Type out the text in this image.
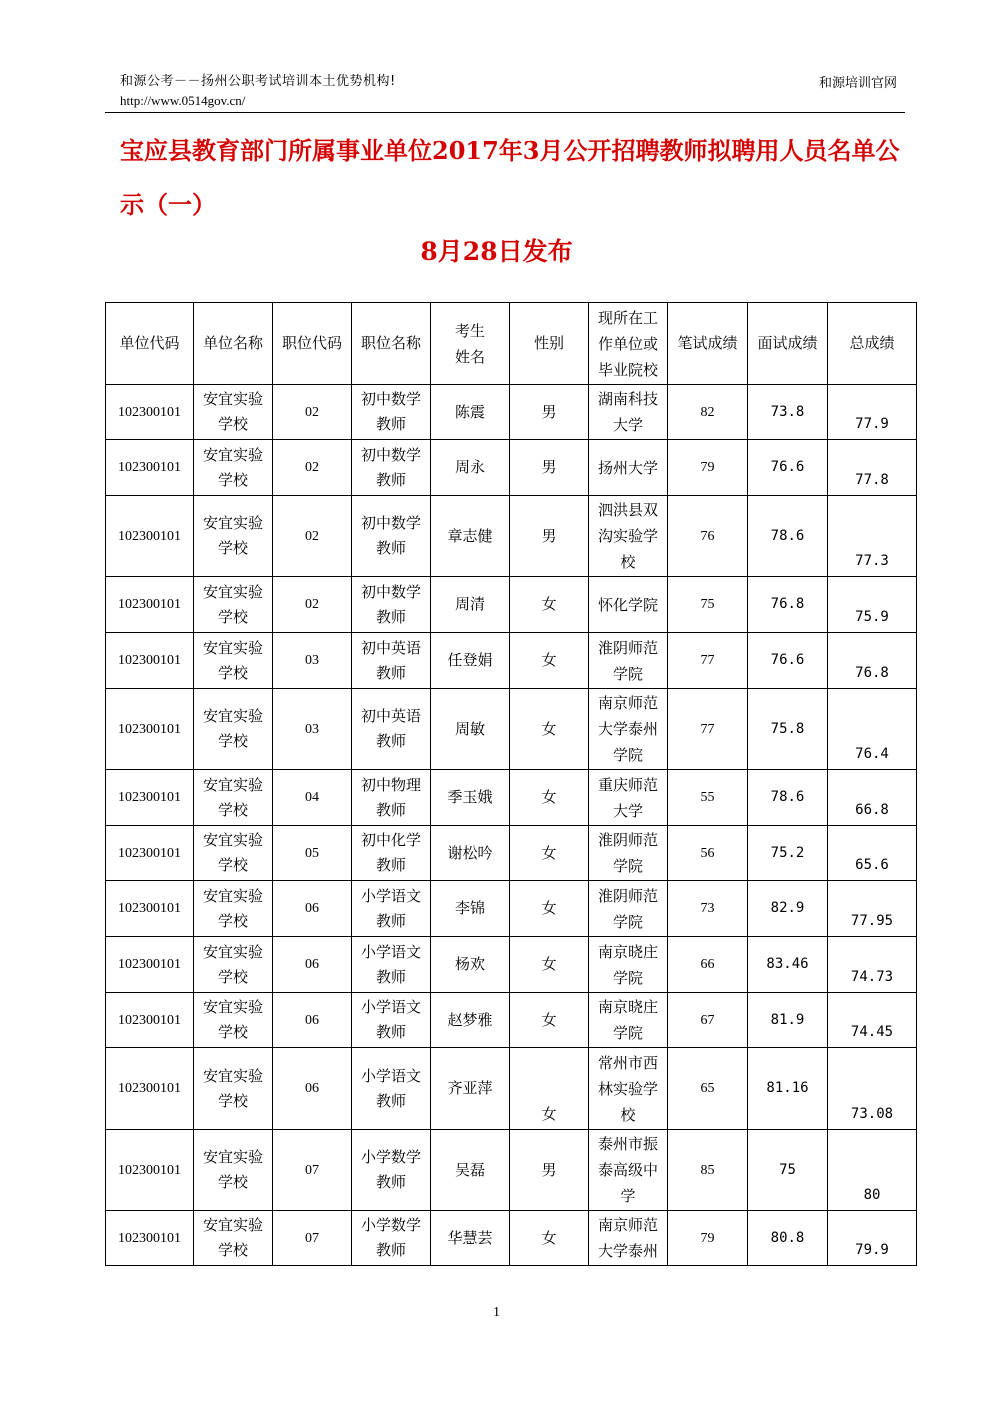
和源公考－－扬州公职考试培训本土优势机构!
http://www.0514gov.cn/
和源培训官网
宝应县教育部门所属事业单位2017年3月公开招聘教师拟聘用人员名单公示（一）
8月28日发布
单位代码	单位名称	职位代码	职位名称	考生姓名	性别	现所在工作单位或毕业院校	笔试成绩	面试成绩	总成绩
102300101	安宜实验学校	02	初中数学教师	陈震	男	湖南科技大学	82	73.8	77.9
102300101	安宜实验学校	02	初中数学教师	周永	男	扬州大学	79	76.6	77.8
102300101	安宜实验学校	02	初中数学教师	章志健	男	泗洪县双沟实验学校	76	78.6	77.3
102300101	安宜实验学校	02	初中数学教师	周清	女	怀化学院	75	76.8	75.9
102300101	安宜实验学校	03	初中英语教师	任登娟	女	淮阴师范学院	77	76.6	76.8
102300101	安宜实验学校	03	初中英语教师	周敏	女	南京师范大学泰州学院	77	75.8	76.4
102300101	安宜实验学校	04	初中物理教师	季玉娥	女	重庆师范大学	55	78.6	66.8
102300101	安宜实验学校	05	初中化学教师	谢松吟	女	淮阴师范学院	56	75.2	65.6
102300101	安宜实验学校	06	小学语文教师	李锦	女	淮阴师范学院	73	82.9	77.95
102300101	安宜实验学校	06	小学语文教师	杨欢	女	南京晓庄学院	66	83.46	74.73
102300101	安宜实验学校	06	小学语文教师	赵梦雅	女	南京晓庄学院	67	81.9	74.45
102300101	安宜实验学校	06	小学语文教师	齐亚萍	女	常州市西林实验学校	65	81.16	73.08
102300101	安宜实验学校	07	小学数学教师	吴磊	男	泰州市振泰高级中学	85	75	80
102300101	安宜实验学校	07	小学数学教师	华慧芸	女	南京师范大学泰州	79	80.8	79.9
1
